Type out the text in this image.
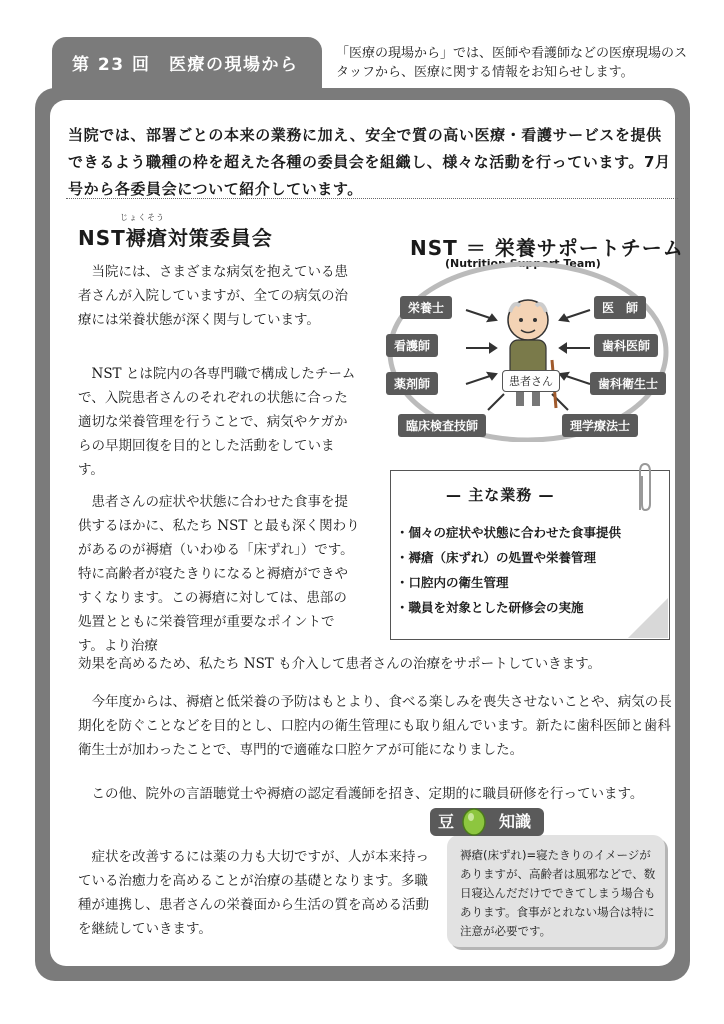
第 23 回　医療の現場から
「医療の現場から」では、医師や看護師などの医療現場のスタッフから、医療に関する情報をお知らせします。
当院では、部署ごとの本来の業務に加え、安全で質の高い医療・看護サービスを提供できるよう職種の枠を超えた各種の委員会を組織し、様々な活動を行っています。7月号から各委員会について紹介しています。
じょくそう
NST褥瘡対策委員会

当院には、さまざまな病気を抱えている患者さんが入院していますが、全ての病気の治療には栄養状態が深く関与しています。

NST とは院内の各専門職で構成したチームで、入院患者さんのそれぞれの状態に合った適切な栄養管理を行うことで、病気やケガからの早期回復を目的とした活動をしています。

患者さんの症状や状態に合わせた食事を提供するほかに、私たち NST と最も深く関わりがあるのが褥瘡（いわゆる「床ずれ」）です。特に高齢者が寝たきりになると褥瘡ができやすくなります。この褥瘡に対しては、患部の処置とともに栄養管理が重要なポイントです。より治療

効果を高めるため、私たち NST も介入して患者さんの治療をサポートしていきます。

今年度からは、褥瘡と低栄養の予防はもとより、食べる楽しみを喪失させないことや、病気の長期化を防ぐことなどを目的とし、口腔内の衛生管理にも取り組んでいます。新たに歯科医師と歯科衛生士が加わったことで、専門的で適確な口腔ケアが可能になりました。

この他、院外の言語聴覚士や褥瘡の認定看護師を招き、定期的に職員研修を行っています。

症状を改善するには薬の力も大切ですが、人が本来持っている治癒力を高めることが治療の基礎となります。多職種が連携し、患者さんの栄養面から生活の質を高める活動を継続していきます。

NST ＝ 栄養サポートチーム
(Nutrition Support Team)
栄養士
看護師
薬剤師
臨床検査技師
医　師
歯科医師
歯科衛生士
理学療法士
患者さん
— 主な業務 —
・個々の症状や状態に合わせた食事提供
・褥瘡（床ずれ）の処置や栄養管理
・口腔内の衛生管理
・職員を対象とした研修会の実施
豆	知識
褥瘡(床ずれ)=寝たきりのイメージがありますが、高齢者は風邪などで、数日寝込んだだけでできてしまう場合もあります。食事がとれない場合は特に注意が必要です。
